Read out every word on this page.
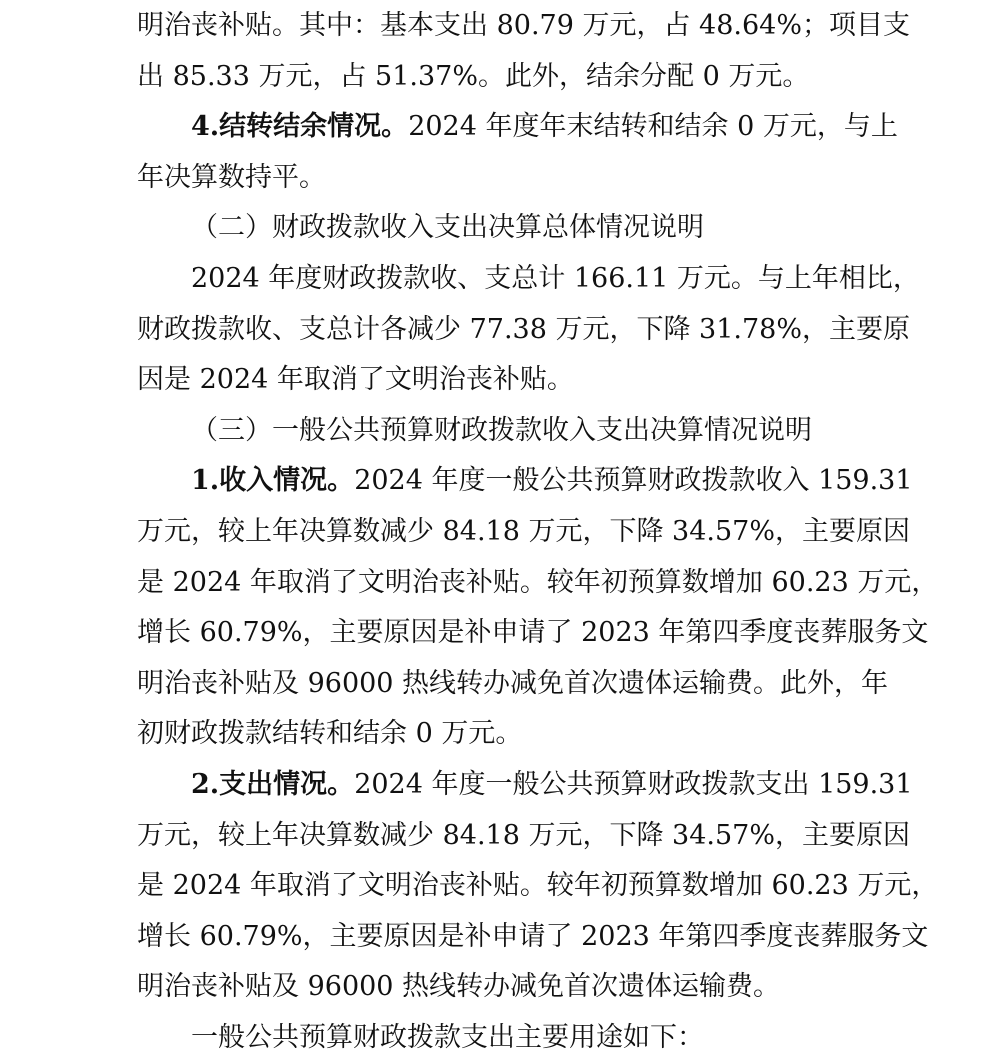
明治丧补贴。其中：基本支出 80.79 万元，占 48.64%；项目支
出 85.33 万元，占 51.37%。此外，结余分配 0 万元。
4.结转结余情况。2024 年度年末结转和结余 0 万元，与上
年决算数持平。
（二）财政拨款收入支出决算总体情况说明
2024 年度财政拨款收、支总计 166.11 万元。与上年相比，
财政拨款收、支总计各减少 77.38 万元，下降 31.78%，主要原
因是 2024 年取消了文明治丧补贴。
（三）一般公共预算财政拨款收入支出决算情况说明
1.收入情况。2024 年度一般公共预算财政拨款收入 159.31
万元，较上年决算数减少 84.18 万元，下降 34.57%，主要原因
是 2024 年取消了文明治丧补贴。较年初预算数增加 60.23 万元，
增长 60.79%，主要原因是补申请了 2023 年第四季度丧葬服务文
明治丧补贴及 96000 热线转办减免首次遗体运输费。此外，年
初财政拨款结转和结余 0 万元。
2.支出情况。2024 年度一般公共预算财政拨款支出 159.31
万元，较上年决算数减少 84.18 万元，下降 34.57%，主要原因
是 2024 年取消了文明治丧补贴。较年初预算数增加 60.23 万元，
增长 60.79%，主要原因是补申请了 2023 年第四季度丧葬服务文
明治丧补贴及 96000 热线转办减免首次遗体运输费。
一般公共预算财政拨款支出主要用途如下：
